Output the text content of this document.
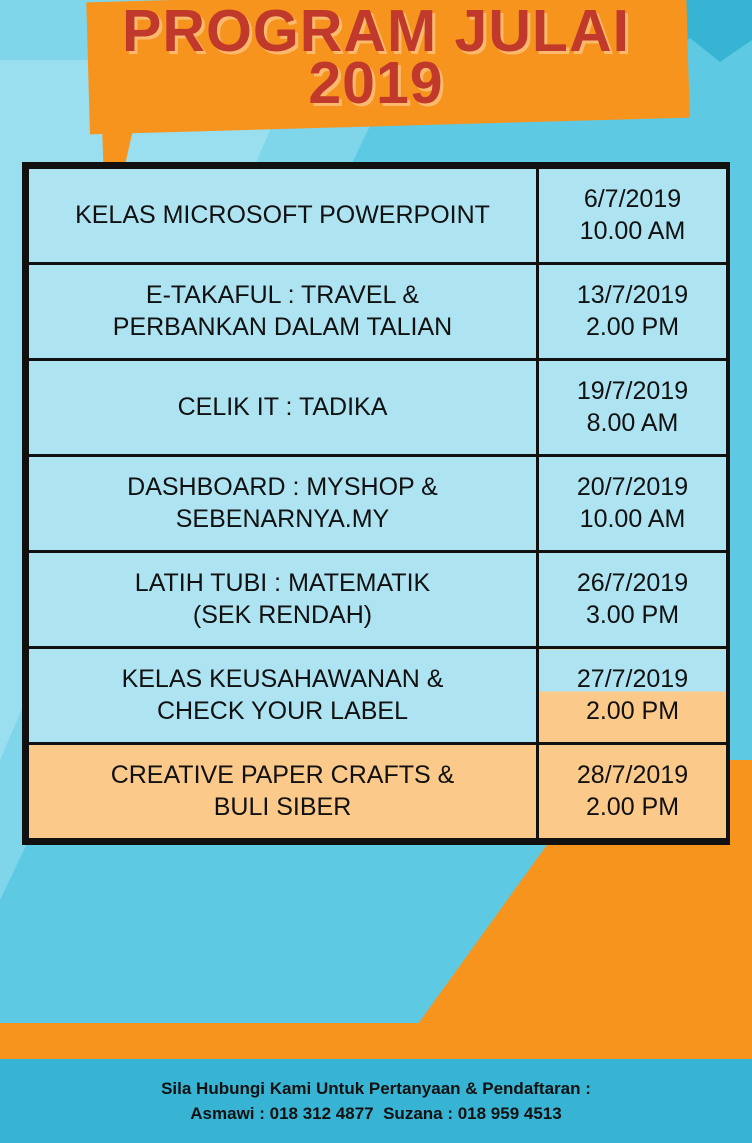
PROGRAM JULAI
2019
KELAS MICROSOFT POWERPOINT	6/7/2019
10.00 AM
E-TAKAFUL : TRAVEL &
PERBANKAN DALAM TALIAN	13/7/2019
2.00 PM
CELIK IT : TADIKA	19/7/2019
8.00 AM
DASHBOARD : MYSHOP &
SEBENARNYA.MY	20/7/2019
10.00 AM
LATIH TUBI : MATEMATIK
(SEK RENDAH)	26/7/2019
3.00 PM
KELAS KEUSAHAWANAN &
CHECK YOUR LABEL	27/7/2019
2.00 PM
CREATIVE PAPER CRAFTS &
BULI SIBER	28/7/2019
2.00 PM
Sila Hubungi Kami Untuk Pertanyaan & Pendaftaran :
Asmawi : 018 312 4877 Suzana : 018 959 4513
